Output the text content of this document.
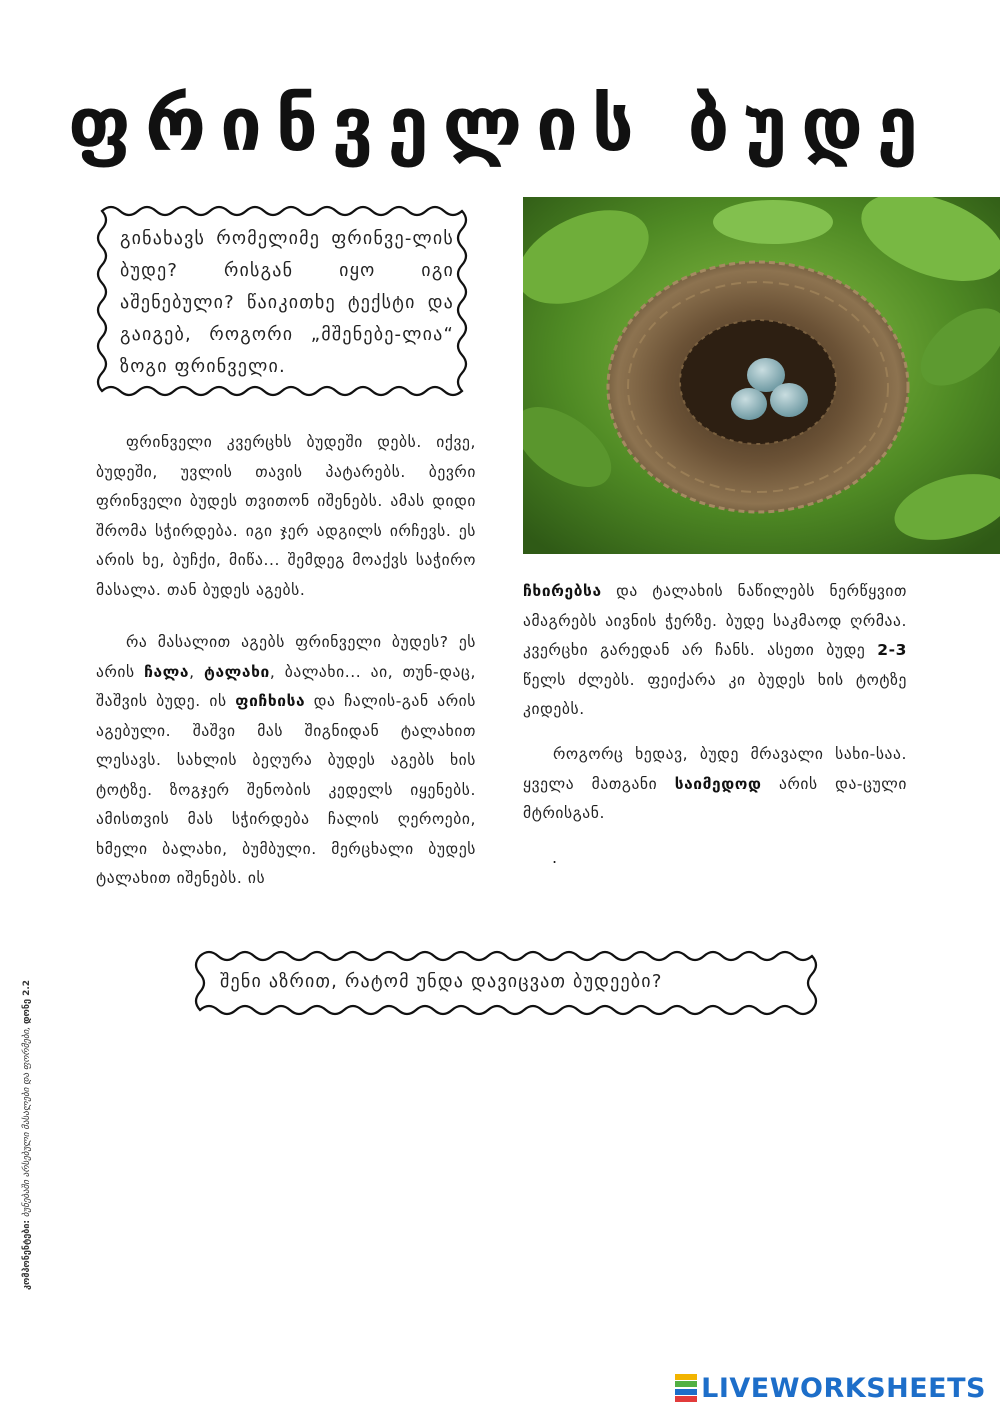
ფრინველის ბუდე
გინახავს რომელიმე ფრინვე-ლის ბუდე? რისგან იყო იგი აშენებული? წაიკითხე ტექსტი და გაიგებ, როგორი „მშენებე-ლია“ ზოგი ფრინველი.

ფრინველი კვერცხს ბუდეში დებს. იქვე, ბუდეში, უვლის თავის პატარებს. ბევრი ფრინველი ბუდეს თვითონ იშენებს. ამას დიდი შრომა სჭირდება. იგი ჯერ ადგილს ირჩევს. ეს არის ხე, ბუჩქი, მიწა... შემდეგ მოაქვს საჭირო მასალა. თან ბუდეს აგებს.

რა მასალით აგებს ფრინველი ბუდეს? ეს არის ჩალა, ტალახი, ბალახი... აი, თუნ-დაც, შაშვის ბუდე. ის ფიჩხისა და ჩალის-გან არის აგებული. შაშვი მას შიგნიდან ტალახით ლესავს. სახლის ბეღურა ბუდეს აგებს ხის ტოტზე. ზოგჯერ შენობის კედელს იყენებს. ამისთვის მას სჭირდება ჩალის ღეროები, ხმელი ბალახი, ბუმბული. მერცხალი ბუდეს ტალახით იშენებს. ის

ჩხირებსა და ტალახის ნაწილებს ნერწყვით ამაგრებს აივნის ჭერზე. ბუდე საკმაოდ ღრმაა. კვერცხი გარედან არ ჩანს. ასეთი ბუდე 2-3 წელს ძლებს. ფეიქარა კი ბუდეს ხის ტოტზე კიდებს.

როგორც ხედავ, ბუდე მრავალი სახი-საა. ყველა მათგანი საიმედოდ არის და-ცული მტრისგან.

.
შენი აზრით, რატომ უნდა დავიცვათ ბუდეები?
კომპონენტები: ბუნებაში არსებული მასალები და ფორმები, დონე 2.2
LIVEWORKSHEETS
